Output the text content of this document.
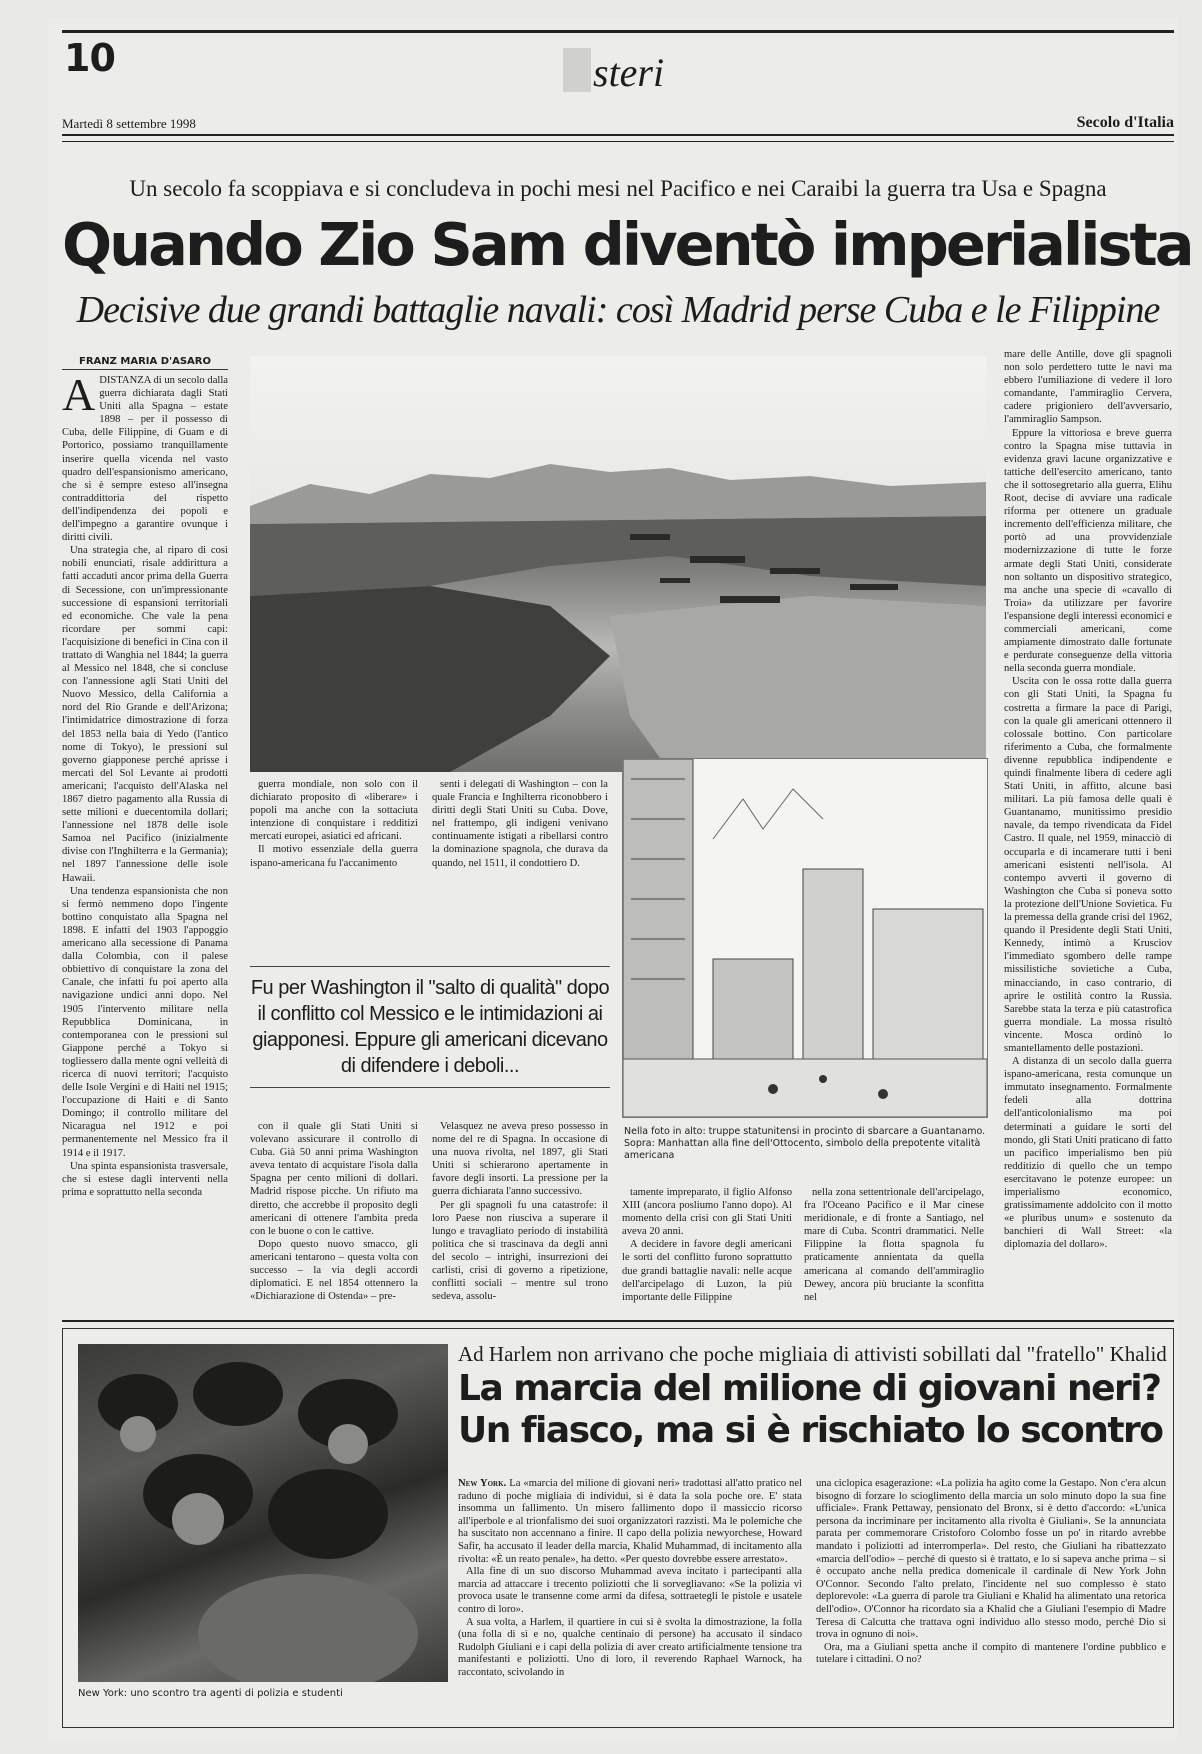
10	steri
Martedì 8 settembre 1998	Secolo d'Italia
Un secolo fa scoppiava e si concludeva in pochi mesi nel Pacifico e nei Caraibi la guerra tra Usa e Spagna
Quando Zio Sam diventò imperialista
Decisive due grandi battaglie navali: così Madrid perse Cuba e le Filippine
FRANZ MARIA D'ASARO

ADISTANZA di un secolo dalla guerra dichiarata dagli Stati Uniti alla Spagna – estate 1898 – per il possesso di Cuba, delle Filippine, di Guam e di Portorico, possiamo tranquillamente inserire quella vicenda nel vasto quadro dell'espansionismo americano, che si è sempre esteso all'insegna contraddittoria del rispetto dell'indipendenza dei popoli e dell'impegno a garantire ovunque i diritti civili.

Una strategia che, al riparo di così nobili enunciati, risale addirittura a fatti accaduti ancor prima della Guerra di Secessione, con un'impressionante successione di espansioni territoriali ed economiche. Che vale la pena ricordare per sommi capi: l'acquisizione di benefici in Cina con il trattato di Wanghia nel 1844; la guerra al Messico nel 1848, che si concluse con l'annessione agli Stati Uniti del Nuovo Messico, della California a nord del Rio Grande e dell'Arizona; l'intimidatrice dimostrazione di forza del 1853 nella baia di Yedo (l'antico nome di Tokyo), le pressioni sul governo giapponese perché aprisse i mercati del Sol Levante ai prodotti americani; l'acquisto dell'Alaska nel 1867 dietro pagamento alla Russia di sette milioni e duecentomila dollari; l'annessione nel 1878 delle isole Samoa nel Pacifico (inizialmente divise con l'Inghilterra e la Germania); nel 1897 l'annessione delle isole Hawaii.

Una tendenza espansionista che non si fermò nemmeno dopo l'ingente bottino conquistato alla Spagna nel 1898. E infatti del 1903 l'appoggio americano alla secessione di Panama dalla Colombia, con il palese obbiettivo di conquistare la zona del Canale, che infatti fu poi aperto alla navigazione undici anni dopo. Nel 1905 l'intervento militare nella Repubblica Dominicana, in contemporanea con le pressioni sul Giappone perché a Tokyo si togliessero dalla mente ogni velleità di ricerca di nuovi territori; l'acquisto delle Isole Vergini e di Haiti nel 1915; l'occupazione di Haiti e di Santo Domingo; il controllo militare del Nicaragua nel 1912 e poi permanentemente nel Messico fra il 1914 e il 1917.

Una spinta espansionista trasversale, che si estese dagli interventi nella prima e soprattutto nella seconda

guerra mondiale, non solo con il dichiarato proposito di «liberare» i popoli ma anche con la sottaciuta intenzione di conquistare i redditizi mercati europei, asiatici ed africani.

Il motivo essenziale della guerra ispano-americana fu l'accanimento

senti i delegati di Washington – con la quale Francia e Inghilterra riconobbero i diritti degli Stati Uniti su Cuba. Dove, nel frattempo, gli indigeni venivano continuamente istigati a ribellarsi contro la dominazione spagnola, che durava da quando, nel 1511, il condottiero D.

Fu per Washington il "salto di qualità" dopo il conflitto col Messico e le intimidazioni ai giapponesi. Eppure gli americani dicevano di difendere i deboli...

con il quale gli Stati Uniti si volevano assicurare il controllo di Cuba. Già 50 anni prima Washington aveva tentato di acquistare l'isola dalla Spagna per cento milioni di dollari. Madrid rispose picche. Un rifiuto ma diretto, che accrebbe il proposito degli americani di ottenere l'ambita preda con le buone o con le cattive.

Dopo questo nuovo smacco, gli americani tentarono – questa volta con successo – la via degli accordi diplomatici. E nel 1854 ottennero la «Dichiarazione di Ostenda» – pre-

Velasquez ne aveva preso possesso in nome del re di Spagna. In occasione di una nuova rivolta, nel 1897, gli Stati Uniti si schierarono apertamente in favore degli insorti. La pressione per la guerra dichiarata l'anno successivo.

Per gli spagnoli fu una catastrofe: il loro Paese non riusciva a superare il lungo e travagliato periodo di instabilità politica che si trascinava da degli anni del secolo – intrighi, insurrezioni dei carlisti, crisi di governo a ripetizione, conflitti sociali – mentre sul trono sedeva, assolu-

Nella foto in alto: truppe statunitensi in procinto di sbarcare a Guantanamo. Sopra: Manhattan alla fine dell'Ottocento, simbolo della prepotente vitalità americana

tamente impreparato, il figlio Alfonso XIII (ancora posliumo l'anno dopo). Al momento della crisi con gli Stati Uniti aveva 20 anni.

A decidere in favore degli americani le sorti del conflitto furono soprattutto due grandi battaglie navali: nelle acque dell'arcipelago di Luzon, la più importante delle Filippine

nella zona settentrionale dell'arcipelago, fra l'Oceano Pacifico e il Mar cinese meridionale, e di fronte a Santiago, nel mare di Cuba. Scontri drammatici. Nelle Filippine la flotta spagnola fu praticamente annientata da quella americana al comando dell'ammiraglio Dewey, ancora più bruciante la sconfitta nel

mare delle Antille, dove gli spagnoli non solo perdettero tutte le navi ma ebbero l'umiliazione di vedere il loro comandante, l'ammiraglio Cervera, cadere prigioniero dell'avversario, l'ammiraglio Sampson.

Eppure la vittoriosa e breve guerra contro la Spagna mise tuttavia in evidenza gravi lacune organizzative e tattiche dell'esercito americano, tanto che il sottosegretario alla guerra, Elihu Root, decise di avviare una radicale riforma per ottenere un graduale incremento dell'efficienza militare, che portò ad una provvidenziale modernizzazione di tutte le forze armate degli Stati Uniti, considerate non soltanto un dispositivo strategico, ma anche una specie di «cavallo di Troia» da utilizzare per favorire l'espansione degli interessi economici e commerciali americani, come ampiamente dimostrato dalle fortunate e perdurate conseguenze della vittoria nella seconda guerra mondiale.

Uscita con le ossa rotte dalla guerra con gli Stati Uniti, la Spagna fu costretta a firmare la pace di Parigi, con la quale gli americani ottennero il colossale bottino. Con particolare riferimento a Cuba, che formalmente divenne repubblica indipendente e quindi finalmente libera di cedere agli Stati Uniti, in affitto, alcune basi militari. La più famosa delle quali è Guantanamo, munitissimo presidio navale, da tempo rivendicata da Fidel Castro. Il quale, nel 1959, minacciò di occuparla e di incamerare tutti i beni americani esistenti nell'isola. Al contempo avvertì il governo di Washington che Cuba si poneva sotto la protezione dell'Unione Sovietica. Fu la premessa della grande crisi del 1962, quando il Presidente degli Stati Uniti, Kennedy, intimò a Krusciov l'immediato sgombero delle rampe missilistiche sovietiche a Cuba, minacciando, in caso contrario, di aprire le ostilità contro la Russia. Sarebbe stata la terza e più catastrofica guerra mondiale. La mossa risultò vincente. Mosca ordinò lo smantellamento delle postazioni.

A distanza di un secolo dalla guerra ispano-americana, resta comunque un immutato insegnamento. Formalmente fedeli alla dottrina dell'anticolonialismo ma poi determinati a guidare le sorti del mondo, gli Stati Uniti praticano di fatto un pacifico imperialismo ben più redditizio di quello che un tempo esercitavano le potenze europee: un imperialismo economico, gratissimamente addolcito con il motto «e pluribus unum» e sostenuto da banchieri di Wall Street: «la diplomazia del dollaro».

New York: uno scontro tra agenti di polizia e studenti
Ad Harlem non arrivano che poche migliaia di attivisti sobillati dal "fratello" Khalid
La marcia del milione di giovani neri?
Un fiasco, ma si è rischiato lo scontro

New York. La «marcia del milione di giovani neri» tradottasi all'atto pratico nel raduno di poche migliaia di individui, si è data la sola poche ore. E' stata insomma un fallimento. Un misero fallimento dopo il massiccio ricorso all'iperbole e al trionfalismo dei suoi organizzatori razzisti. Ma le polemiche che ha suscitato non accennano a finire. Il capo della polizia newyorchese, Howard Safir, ha accusato il leader della marcia, Khalid Muhammad, di incitamento alla rivolta: «È un reato penale», ha detto. «Per questo dovrebbe essere arrestato».

Alla fine di un suo discorso Muhammad aveva incitato i partecipanti alla marcia ad attaccare i trecento poliziotti che li sorvegliavano: «Se la polizia vi provoca usate le transenne come armi da difesa, sottraetegli le pistole e usatele contro di loro».

A sua volta, a Harlem, il quartiere in cui si è svolta la dimostrazione, la folla (una folla di sì e no, qualche centinaio di persone) ha accusato il sindaco Rudolph Giuliani e i capi della polizia di aver creato artificialmente tensione tra manifestanti e poliziotti. Uno di loro, il reverendo Raphael Warnock, ha raccontato, scivolando in

una ciclopica esagerazione: «La polizia ha agito come la Gestapo. Non c'era alcun bisogno di forzare lo scioglimento della marcia un solo minuto dopo la sua fine ufficiale». Frank Pettaway, pensionato del Bronx, si è detto d'accordo: «L'unica persona da incriminare per incitamento alla rivolta è Giuliani». Se la annunciata parata per commemorare Cristoforo Colombo fosse un po' in ritardo avrebbe mandato i poliziotti ad interromperla». Del resto, che Giuliani ha ribattezzato «marcia dell'odio» – perché di questo si è trattato, e lo si sapeva anche prima – si è occupato anche nella predica domenicale il cardinale di New York John O'Connor. Secondo l'alto prelato, l'incidente nel suo complesso è stato deplorevole: «La guerra di parole tra Giuliani e Khalid ha alimentato una retorica dell'odio». O'Connor ha ricordato sia a Khalid che a Giuliani l'esempio di Madre Teresa di Calcutta che trattava ogni individuo allo stesso modo, perché Dio si trova in ognuno di noi».

Ora, ma a Giuliani spetta anche il compito di mantenere l'ordine pubblico e tutelare i cittadini. O no?
